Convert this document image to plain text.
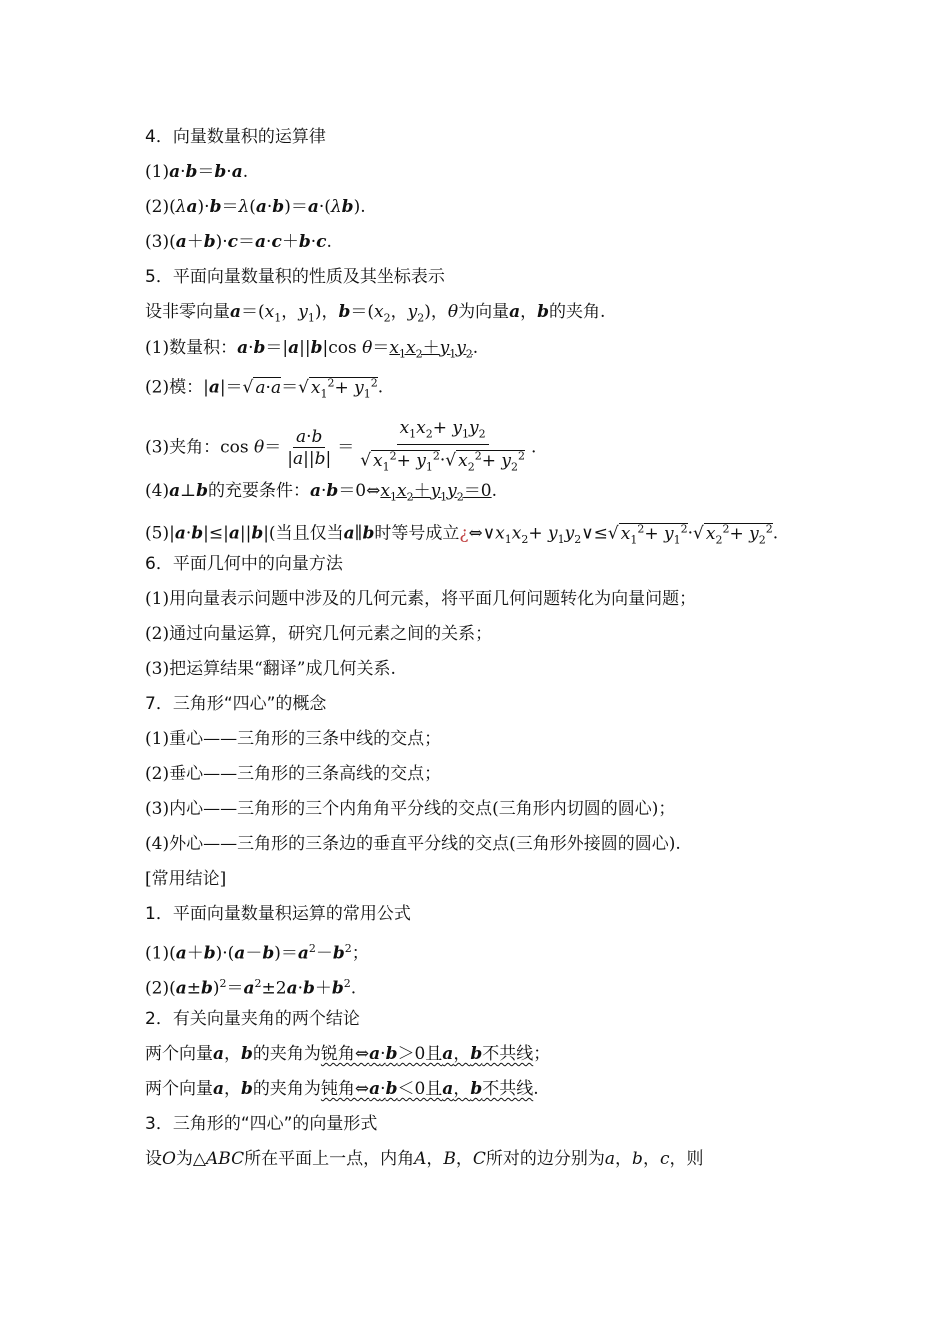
4．向量数量积的运算律
(1)a·b＝b·a.
(2)(λa)·b＝λ(a·b)＝a·(λb).
(3)(a＋b)·c＝a·c＋b·c.
5．平面向量数量积的性质及其坐标表示
设非零向量$a=(x_1$，$y_1$)，$b=(x_2$，$y_2$)，θ为向量a，b的夹角.
(1)数量积：a·b＝|a||b|cos $\theta=x_1x_2+y_1y_2$.
(2)模：|a|＝√ a·a＝√ $x_1^2+ y_1^2$.
(3)夹角：$\cos \theta= \frac{a\cdot b}{|a||b|} = \frac{x_1x_2+ y_1y_2}{√ x_1^2+ y_1^2\cdot√ x_2^2+ y_2^2}$ .
(4)a⊥b的充要条件：$a\cdot b=0\Leftrightarrow x_1x_2+y_1y_2=0$.
(5)|a·b|≤|a||b|(当且仅当a∥b时等号成立¿$\Leftrightarrow\vee x_1x_2+$ $y_1y_2\vee\le√$ $x_1^2+ y_1^2\cdot√$ $x_2^2+ y_2^2$.
6．平面几何中的向量方法
(1)用向量表示问题中涉及的几何元素，将平面几何问题转化为向量问题；
(2)通过向量运算，研究几何元素之间的关系；
(3)把运算结果“翻译”成几何关系.
7．三角形“四心”的概念
(1)重心——三角形的三条中线的交点；
(2)垂心——三角形的三条高线的交点；
(3)内心——三角形的三个内角角平分线的交点(三角形内切圆的圆心)；
(4)外心——三角形的三条边的垂直平分线的交点(三角形外接圆的圆心).
[常用结论]
1．平面向量数量积运算的常用公式
$(1)(a+b)\cdot(a-b)=a^2-b^2$；
$(2)(a\pm b)^2=a^2\pm 2a\cdot b+b^2$.
2．有关向量夹角的两个结论
两个向量a，b的夹角为锐角⇔a·b＞0且a，b不共线；
两个向量a，b的夹角为钝角⇔a·b＜0且a，b不共线.
3．三角形的“四心”的向量形式
设O为△ABC所在平面上一点，内角A，B，C所对的边分别为a，b，c，则
